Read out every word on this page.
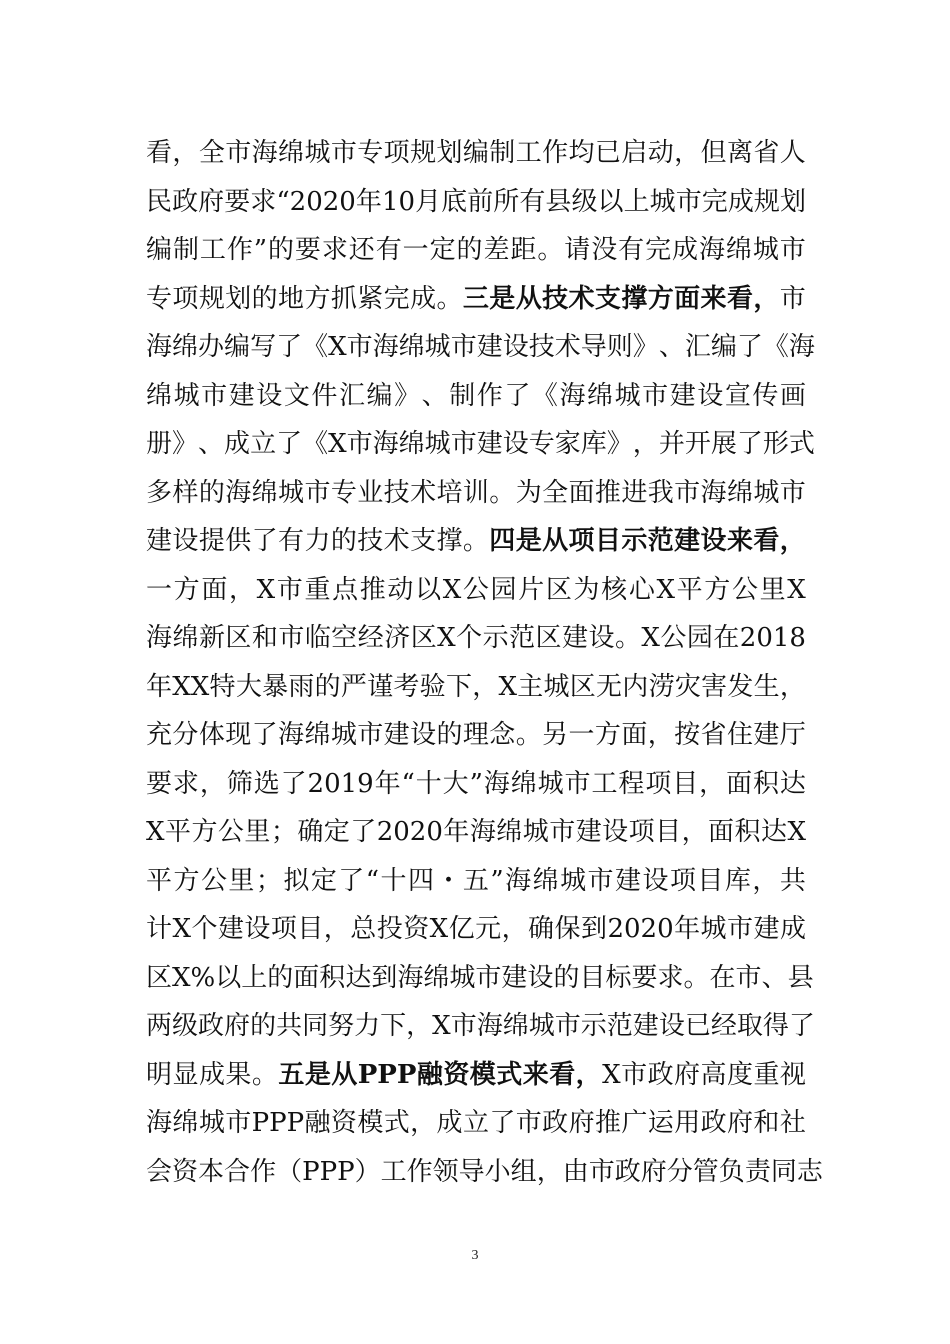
看 ， 全 市 海 绵 城 市 专 项 规 划 编 制 工 作 均 已 启 动 ， 但 离 省 人
民 政 府 要 求 “ 2020 年 10 月 底 前 所 有 县 级 以 上 城 市 完 成 规 划
编 制 工 作 ” 的 要 求 还 有 一 定 的 差 距 。 请 没 有 完 成 海 绵 城 市
专 项 规 划 的 地 方 抓 紧 完 成 。 三 是 从 技 术 支 撑 方 面 来 看 ， 市
海 绵 办 编 写 了 《 X 市 海 绵 城 市 建 设 技 术 导 则 》 、 汇 编 了 《 海
绵 城 市 建 设 文 件 汇 编 》 、 制 作 了 《 海 绵 城 市 建 设 宣 传 画
册 》 、 成 立 了 《 X 市 海 绵 城 市 建 设 专 家 库 》 ， 并 开 展 了 形 式
多 样 的 海 绵 城 市 专 业 技 术 培 训 。 为 全 面 推 进 我 市 海 绵 城 市
建 设 提 供 了 有 力 的 技 术 支 撑 。 四 是 从 项 目 示 范 建 设 来 看 ，
一 方 面 ， X 市 重 点 推 动 以 X 公 园 片 区 为 核 心 X 平 方 公 里 X
海 绵 新 区 和 市 临 空 经 济 区 X 个 示 范 区 建 设 。 X 公 园 在 2018
年 XX 特 大 暴 雨 的 严 谨 考 验 下 ， X 主 城 区 无 内 涝 灾 害 发 生 ，
充 分 体 现 了 海 绵 城 市 建 设 的 理 念 。 另 一 方 面 ， 按 省 住 建 厅
要 求 ， 筛 选 了 2019 年 “ 十 大 ” 海 绵 城 市 工 程 项 目 ， 面 积 达
X 平 方 公 里 ； 确 定 了 2020 年 海 绵 城 市 建 设 项 目 ， 面 积 达 X
平 方 公 里 ； 拟 定 了 “ 十 四 ・ 五 ” 海 绵 城 市 建 设 项 目 库 ， 共
计 X 个 建 设 项 目 ， 总 投 资 X 亿 元 ， 确 保 到 2020 年 城 市 建 成
区 X% 以 上 的 面 积 达 到 海 绵 城 市 建 设 的 目 标 要 求 。 在 市 、 县
两 级 政 府 的 共 同 努 力 下 ， X 市 海 绵 城 市 示 范 建 设 已 经 取 得 了
明 显 成 果 。 五 是 从 PPP 融 资 模 式 来 看 ， X 市 政 府 高 度 重 视
海 绵 城 市 PPP 融 资 模 式 ， 成 立 了 市 政 府 推 广 运 用 政 府 和 社
会 资 本 合 作 （ PPP ） 工 作 领 导 小 组 ， 由 市 政 府 分 管 负 责 同 志
3
